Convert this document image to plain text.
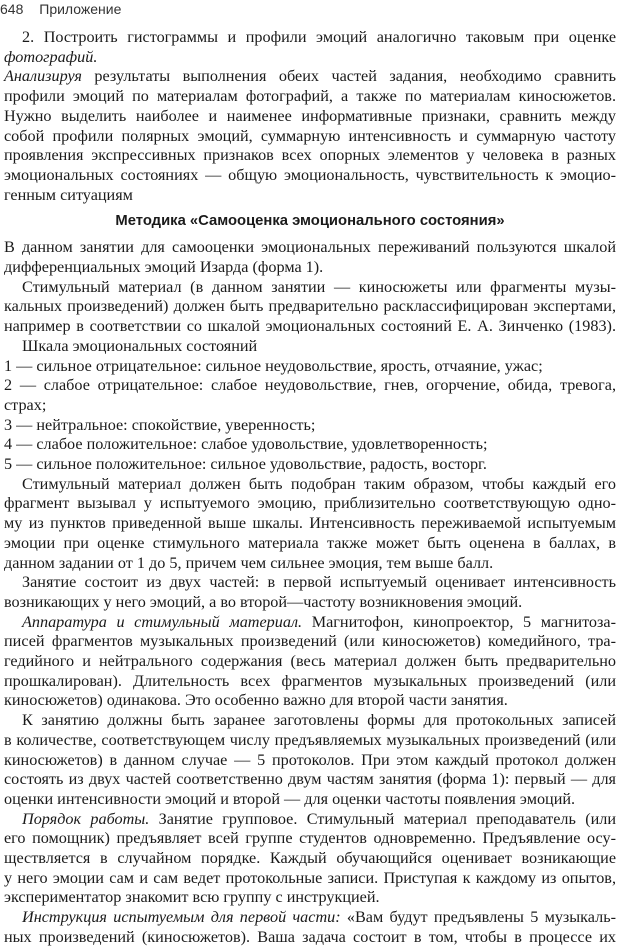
648 Приложение
2. Построить гистограммы и профили эмоций аналогично таковым при оценке
фотографий.
Анализируя результаты выполнения обеих частей задания, необходимо сравнить
профили эмоций по материалам фотографий, а также по материалам киносюжетов.
Нужно выделить наиболее и наименее информативные признаки, сравнить между
собой профили полярных эмоций, суммарную интенсивность и суммарную частоту
проявления экспрессивных признаков всех опорных элементов у человека в разных
эмоциональных состояниях — общую эмоциональность, чувствительность к эмоцио-
генным ситуациям
Методика «Самооценка эмоционального состояния»
В данном занятии для самооценки эмоциональных переживаний пользуются шкалой
дифференциальных эмоций Изарда (форма 1).
Стимульный материал (в данном занятии — киносюжеты или фрагменты музы-
кальных произведений) должен быть предварительно расклассифицирован экспертами,
например в соответствии со шкалой эмоциональных состояний Е. А. Зинченко (1983).
Шкала эмоциональных состояний
1 — сильное отрицательное: сильное неудовольствие, ярость, отчаяние, ужас;
2 — слабое отрицательное: слабое неудовольствие, гнев, огорчение, обида, тревога,
страх;
3 — нейтральное: спокойствие, уверенность;
4 — слабое положительное: слабое удовольствие, удовлетворенность;
5 — сильное положительное: сильное удовольствие, радость, восторг.
Стимульный материал должен быть подобран таким образом, чтобы каждый его
фрагмент вызывал у испытуемого эмоцию, приблизительно соответствующую одно-
му из пунктов приведенной выше шкалы. Интенсивность переживаемой испытуемым
эмоции при оценке стимульного материала также может быть оценена в баллах, в
данном задании от 1 до 5, причем чем сильнее эмоция, тем выше балл.
Занятие состоит из двух частей: в первой испытуемый оценивает интенсивность
возникающих у него эмоций, а во второй—частоту возникновения эмоций.
Аппаратура и стимульный материал. Магнитофон, кинопроектор, 5 магнитоза-
писей фрагментов музыкальных произведений (или киносюжетов) комедийного, тра-
гедийного и нейтрального содержания (весь материал должен быть предварительно
прошкалирован). Длительность всех фрагментов музыкальных произведений (или
киносюжетов) одинакова. Это особенно важно для второй части занятия.
К занятию должны быть заранее заготовлены формы для протокольных записей
в количестве, соответствующем числу предъявляемых музыкальных произведений (или
киносюжетов) в данном случае — 5 протоколов. При этом каждый протокол должен
состоять из двух частей соответственно двум частям занятия (форма 1): первый — для
оценки интенсивности эмоций и второй — для оценки частоты появления эмоций.
Порядок работы. Занятие групповое. Стимульный материал преподаватель (или
его помощник) предъявляет всей группе студентов одновременно. Предъявление осу-
ществляется в случайном порядке. Каждый обучающийся оценивает возникающие
у него эмоции сам и сам ведет протокольные записи. Приступая к каждому из опытов,
экспериментатор знакомит всю группу с инструкцией.
Инструкция испытуемым для первой части: «Вам будут предъявлены 5 музыкаль-
ных произведений (киносюжетов). Ваша задача состоит в том, чтобы в процессе их
